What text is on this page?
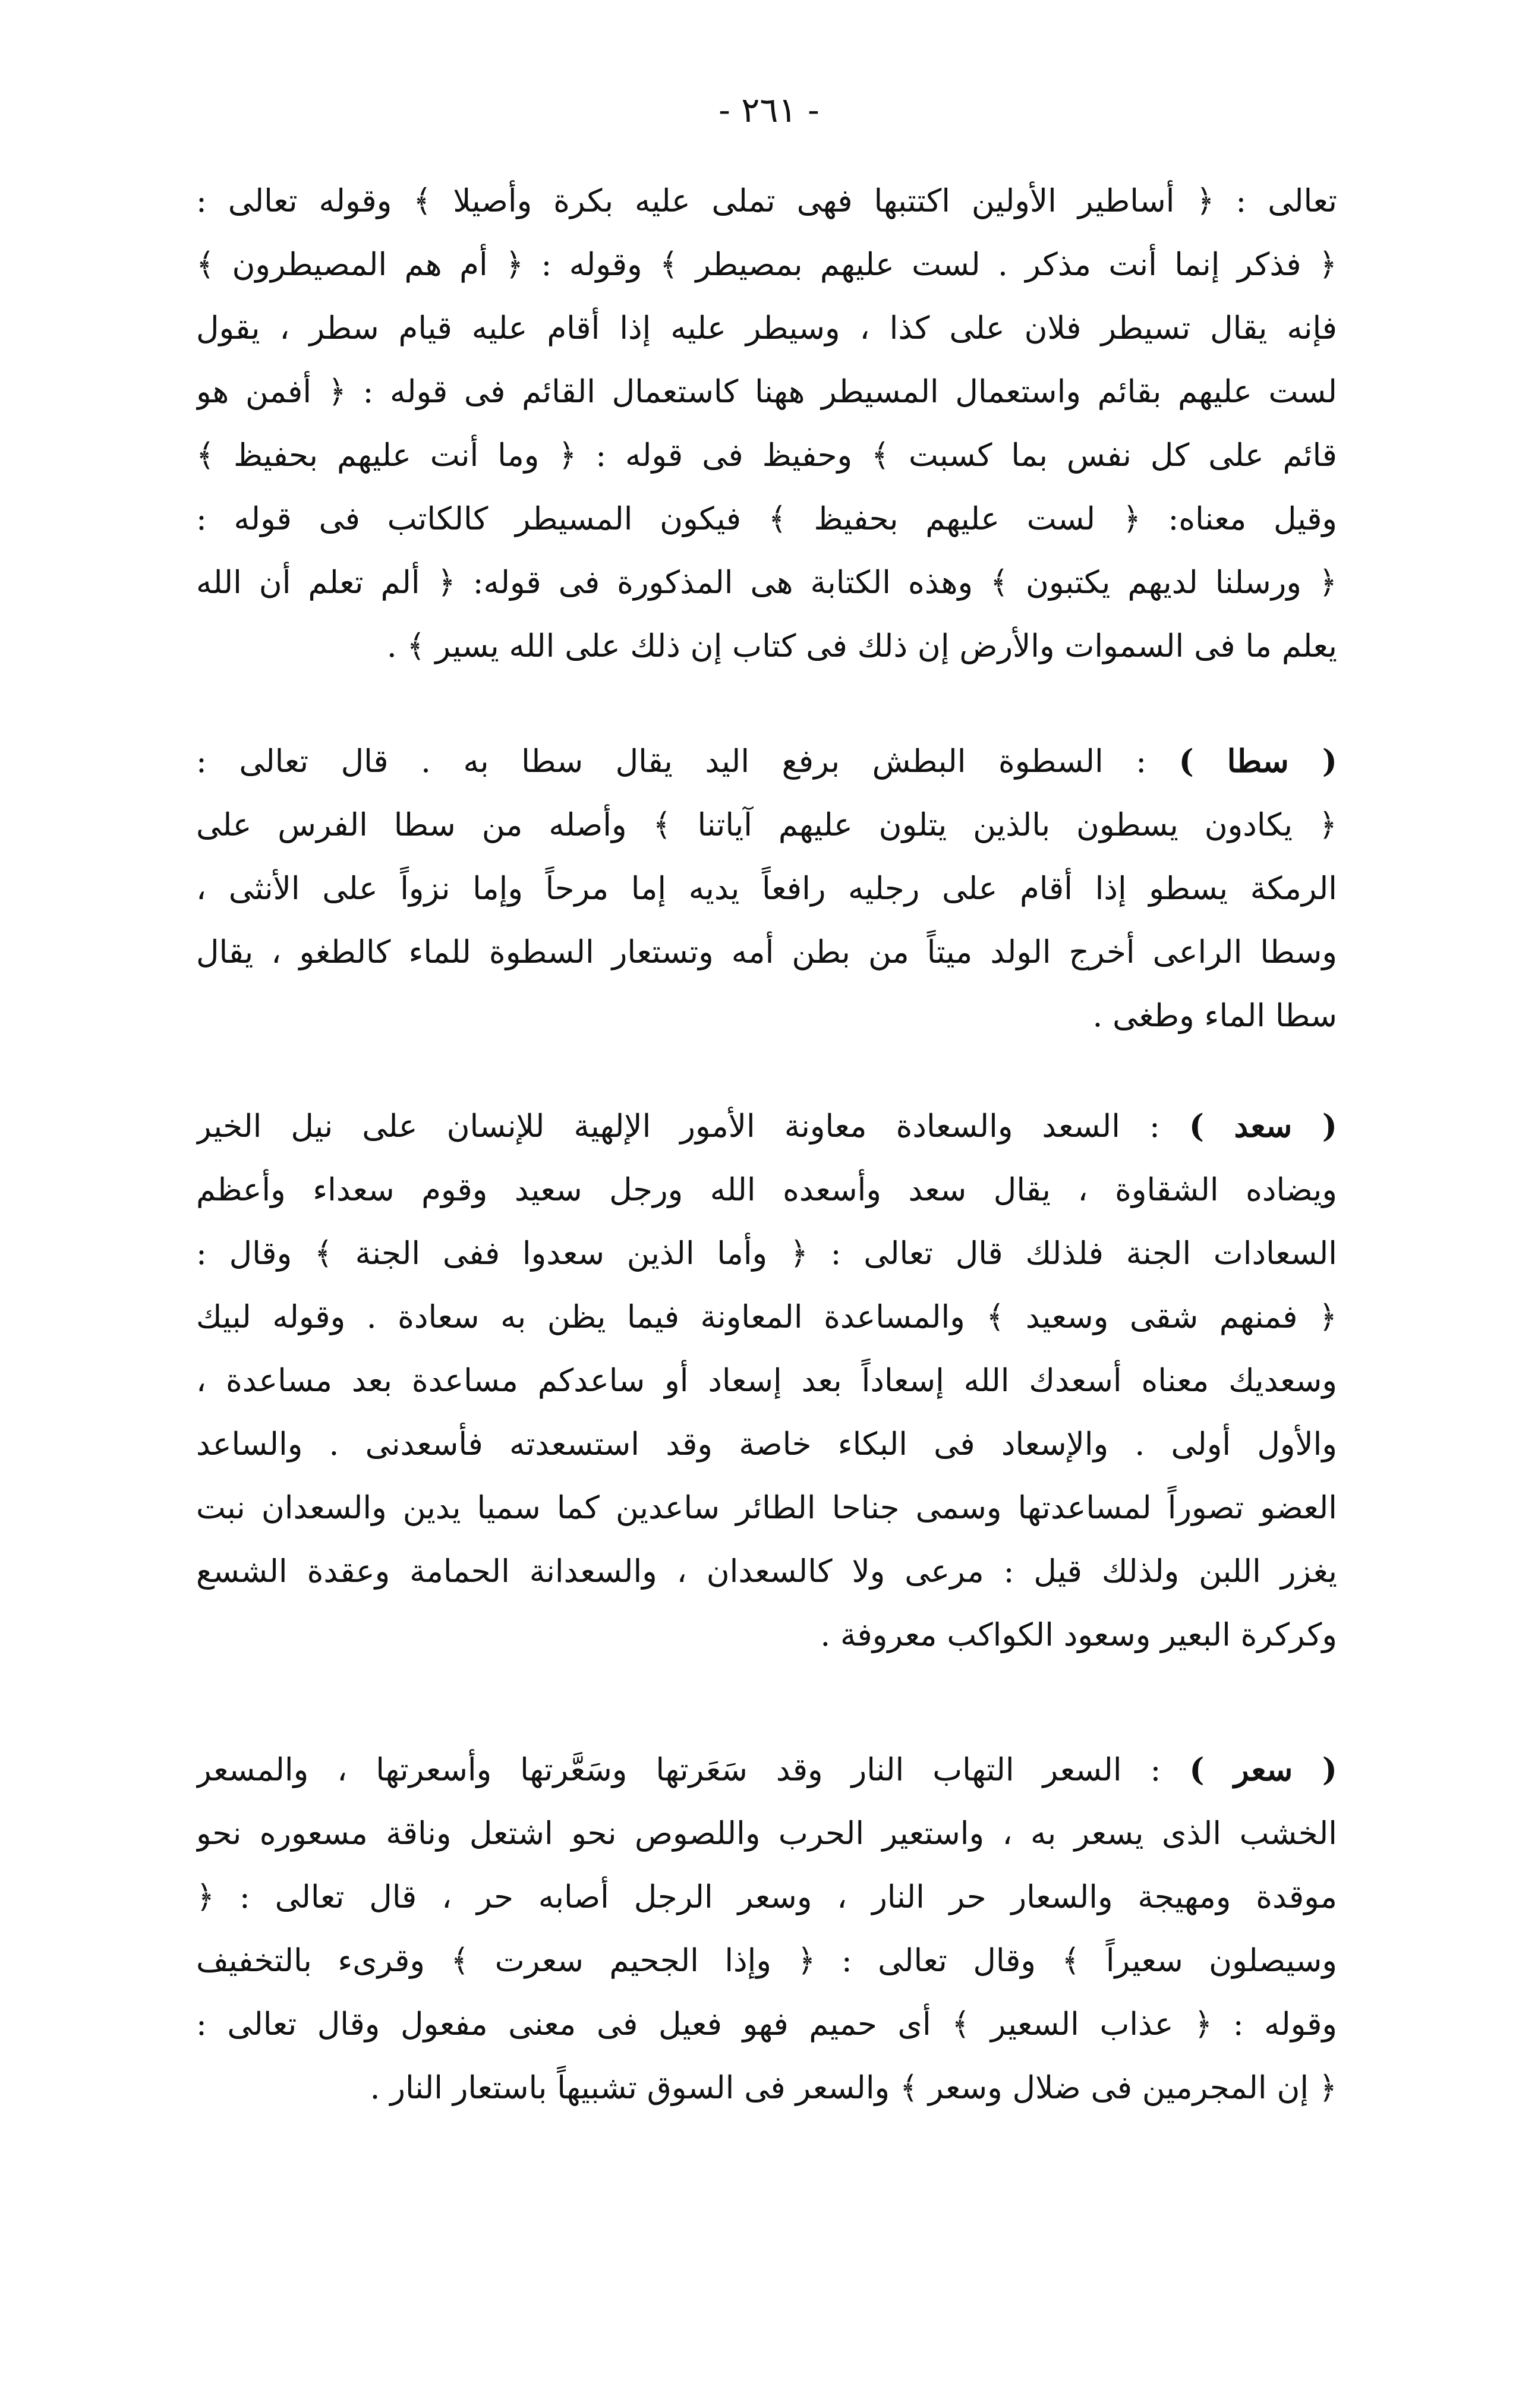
- ٢٦١ -
تعالى : ﴿ أساطير الأولين اكتتبها فهى تملى عليه بكرة وأصيلا ﴾ وقوله تعالى :
﴿ فذكر إنما أنت مذكر . لست عليهم بمصيطر ﴾ وقوله : ﴿ أم هم المصيطرون ﴾
فإنه يقال تسيطر فلان على كذا ، وسيطر عليه إذا أقام عليه قيام سطر ، يقول
لست عليهم بقائم واستعمال المسيطر ههنا كاستعمال القائم فى قوله : ﴿ أفمن هو
قائم على كل نفس بما كسبت ﴾ وحفيظ فى قوله : ﴿ وما أنت عليهم بحفيظ ﴾
وقيل معناه: ﴿ لست عليهم بحفيظ ﴾ فيكون المسيطر كالكاتب فى قوله :
﴿ ورسلنا لديهم يكتبون ﴾ وهذه الكتابة هى المذكورة فى قوله: ﴿ ألم تعلم أن الله
يعلم ما فى السموات والأرض إن ذلك فى كتاب إن ذلك على الله يسير ﴾ .
( سطا ) : السطوة البطش برفع اليد يقال سطا به . قال تعالى :
﴿ يكادون يسطون بالذين يتلون عليهم آياتنا ﴾ وأصله من سطا الفرس على
الرمكة يسطو إذا أقام على رجليه رافعاً يديه إما مرحاً وإما نزواً على الأنثى ،
وسطا الراعى أخرج الولد ميتاً من بطن أمه وتستعار السطوة للماء كالطغو ، يقال
سطا الماء وطغى .
( سعد ) : السعد والسعادة معاونة الأمور الإلهية للإنسان على نيل الخير
ويضاده الشقاوة ، يقال سعد وأسعده الله ورجل سعيد وقوم سعداء وأعظم
السعادات الجنة فلذلك قال تعالى : ﴿ وأما الذين سعدوا ففى الجنة ﴾ وقال :
﴿ فمنهم شقى وسعيد ﴾ والمساعدة المعاونة فيما يظن به سعادة . وقوله لبيك
وسعديك معناه أسعدك الله إسعاداً بعد إسعاد أو ساعدكم مساعدة بعد مساعدة ،
والأول أولى . والإسعاد فى البكاء خاصة وقد استسعدته فأسعدنى . والساعد
العضو تصوراً لمساعدتها وسمى جناحا الطائر ساعدين كما سميا يدين والسعدان نبت
يغزر اللبن ولذلك قيل : مرعى ولا كالسعدان ، والسعدانة الحمامة وعقدة الشسع
وكركرة البعير وسعود الكواكب معروفة .
( سعر ) : السعر التهاب النار وقد سَعَرتها وسَعَّرتها وأسعرتها ، والمسعر
الخشب الذى يسعر به ، واستعير الحرب واللصوص نحو اشتعل وناقة مسعوره نحو
موقدة ومهيجة والسعار حر النار ، وسعر الرجل أصابه حر ، قال تعالى : ﴿
وسيصلون سعيراً ﴾ وقال تعالى : ﴿ وإذا الجحيم سعرت ﴾ وقرىء بالتخفيف
وقوله : ﴿ عذاب السعير ﴾ أى حميم فهو فعيل فى معنى مفعول وقال تعالى :
﴿ إن المجرمين فى ضلال وسعر ﴾ والسعر فى السوق تشبيهاً باستعار النار .
